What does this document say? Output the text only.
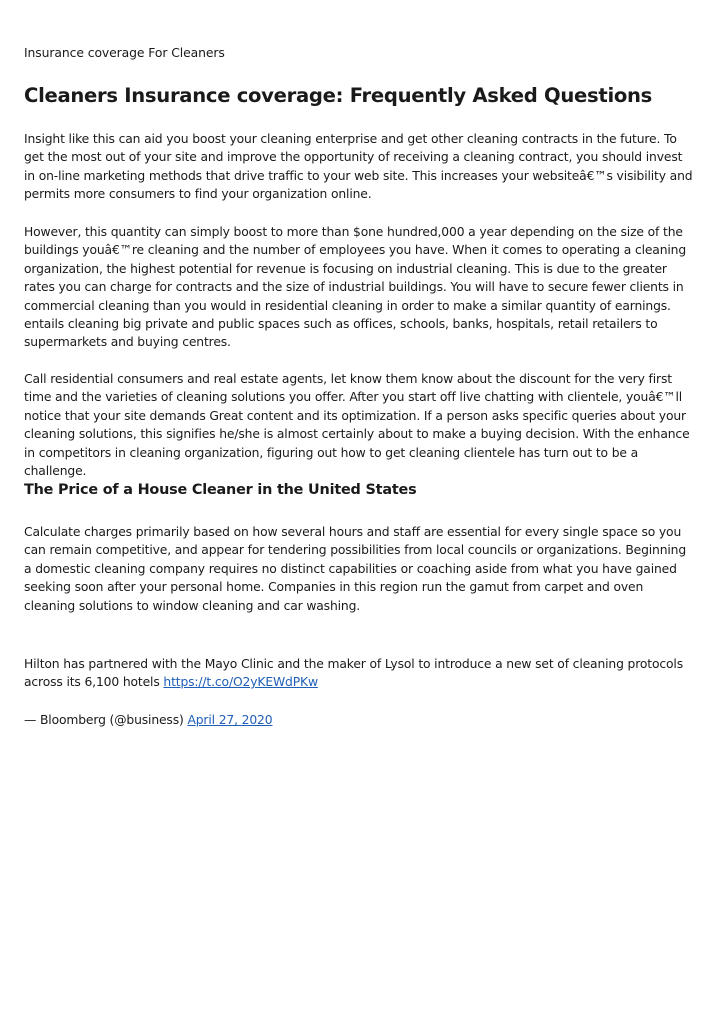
Insurance coverage For Cleaners
Cleaners Insurance coverage: Frequently Asked Questions

Insight like this can aid you boost your cleaning enterprise and get other cleaning contracts in the future. To get the most out of your site and improve the opportunity of receiving a cleaning contract, you should invest in on-line marketing methods that drive traffic to your web site. This increases your websiteâ€™s visibility and permits more consumers to find your organization online.

However, this quantity can simply boost to more than $one hundred,000 a year depending on the size of the buildings youâ€™re cleaning and the number of employees you have. When it comes to operating a cleaning organization, the highest potential for revenue is focusing on industrial cleaning. This is due to the greater rates you can charge for contracts and the size of industrial buildings. You will have to secure fewer clients in commercial cleaning than you would in residential cleaning in order to make a similar quantity of earnings. entails cleaning big private and public spaces such as offices, schools, banks, hospitals, retail retailers to supermarkets and buying centres.

Call residential consumers and real estate agents, let know them know about the discount for the very first time and the varieties of cleaning solutions you offer. After you start off live chatting with clientele, youâ€™ll notice that your site demands Great content and its optimization. If a person asks specific queries about your cleaning solutions, this signifies he/she is almost certainly about to make a buying decision. With the enhance in competitors in cleaning organization, figuring out how to get cleaning clientele has turn out to be a challenge.

The Price of a House Cleaner in the United States

Calculate charges primarily based on how several hours and staff are essential for every single space so you can remain competitive, and appear for tendering possibilities from local councils or organizations. Beginning a domestic cleaning company requires no distinct capabilities or coaching aside from what you have gained seeking soon after your personal home. Companies in this region run the gamut from carpet and oven cleaning solutions to window cleaning and car washing.

Hilton has partnered with the Mayo Clinic and the maker of Lysol to introduce a new set of cleaning protocols across its 6,100 hotels https://t.co/O2yKEWdPKw

— Bloomberg (@business) April 27, 2020
